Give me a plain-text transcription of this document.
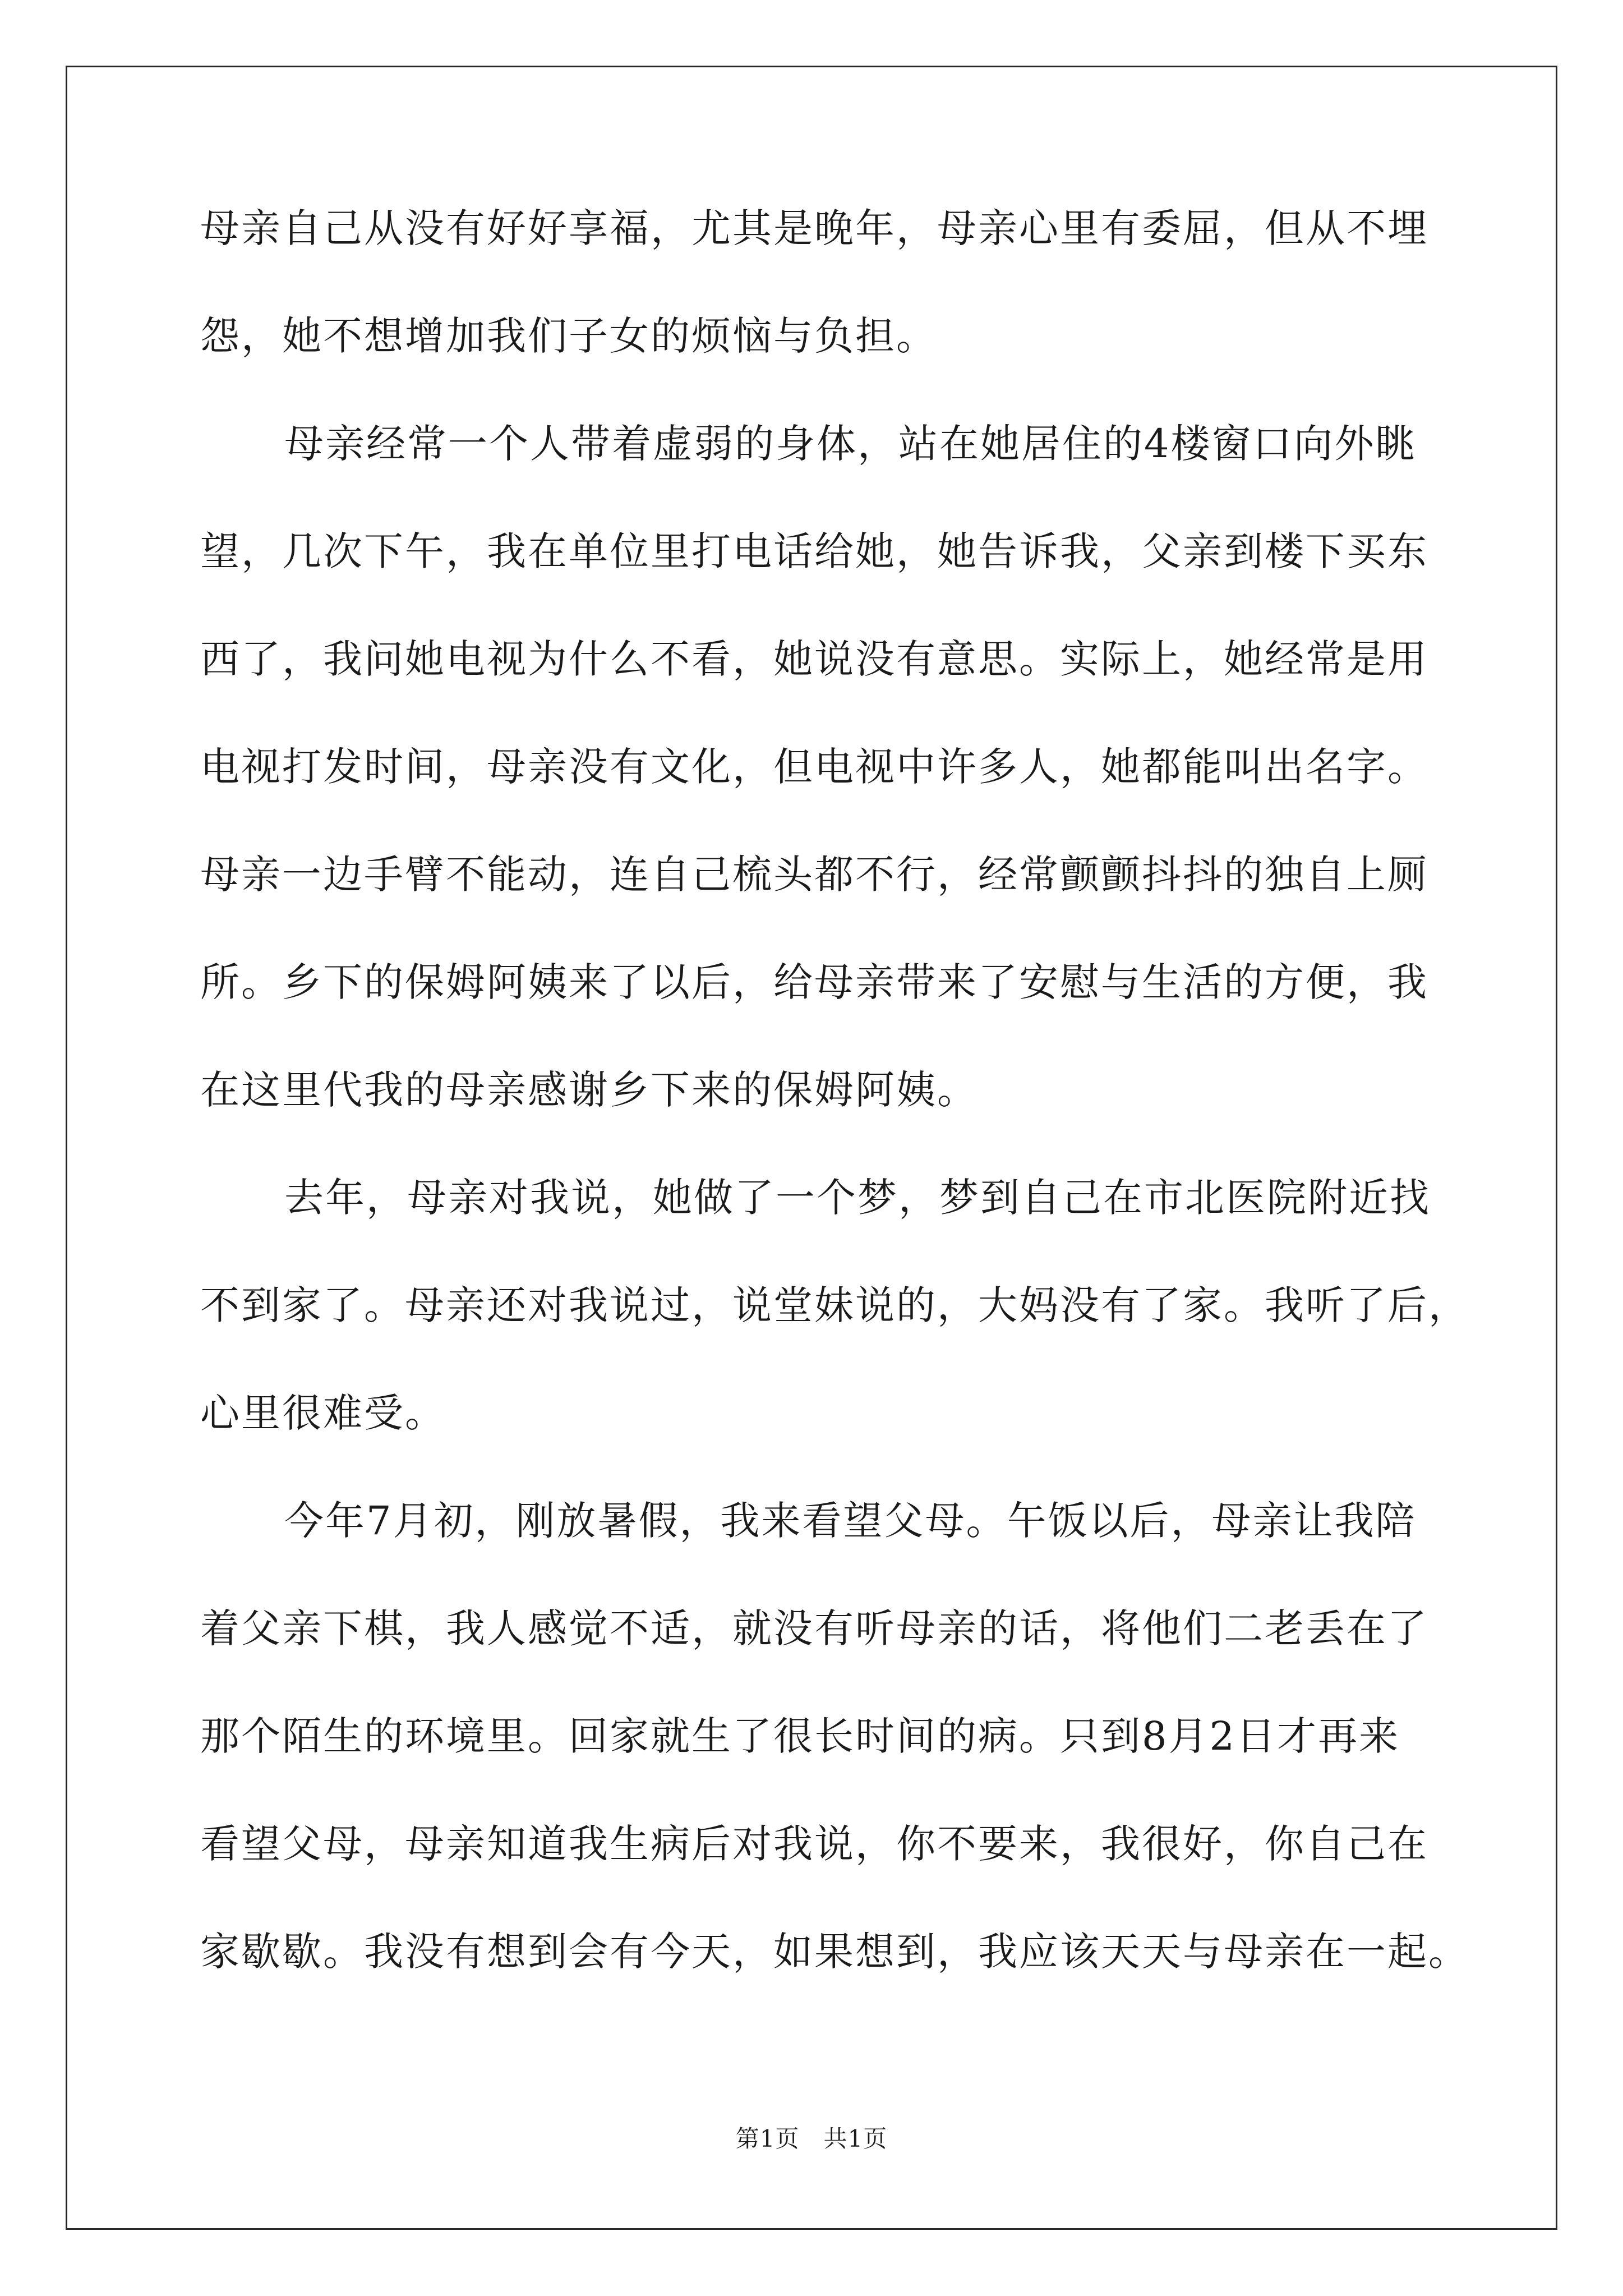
母亲自己从没有好好享福，尤其是晚年，母亲心里有委屈，但从不埋
怨，她不想增加我们子女的烦恼与负担。
母亲经常一个人带着虚弱的身体，站在她居住的4楼窗口向外眺
望，几次下午，我在单位里打电话给她，她告诉我，父亲到楼下买东
西了，我问她电视为什么不看，她说没有意思。实际上，她经常是用
电视打发时间，母亲没有文化，但电视中许多人，她都能叫出名字。
母亲一边手臂不能动，连自己梳头都不行，经常颤颤抖抖的独自上厕
所。乡下的保姆阿姨来了以后，给母亲带来了安慰与生活的方便，我
在这里代我的母亲感谢乡下来的保姆阿姨。
去年，母亲对我说，她做了一个梦，梦到自己在市北医院附近找
不到家了。母亲还对我说过，说堂妹说的，大妈没有了家。我听了后，
心里很难受。
今年7月初，刚放暑假，我来看望父母。午饭以后，母亲让我陪
着父亲下棋，我人感觉不适，就没有听母亲的话，将他们二老丢在了
那个陌生的环境里。回家就生了很长时间的病。只到8月2日才再来
看望父母，母亲知道我生病后对我说，你不要来，我很好，你自己在
家歇歇。我没有想到会有今天，如果想到，我应该天天与母亲在一起。
第1页　共1页
